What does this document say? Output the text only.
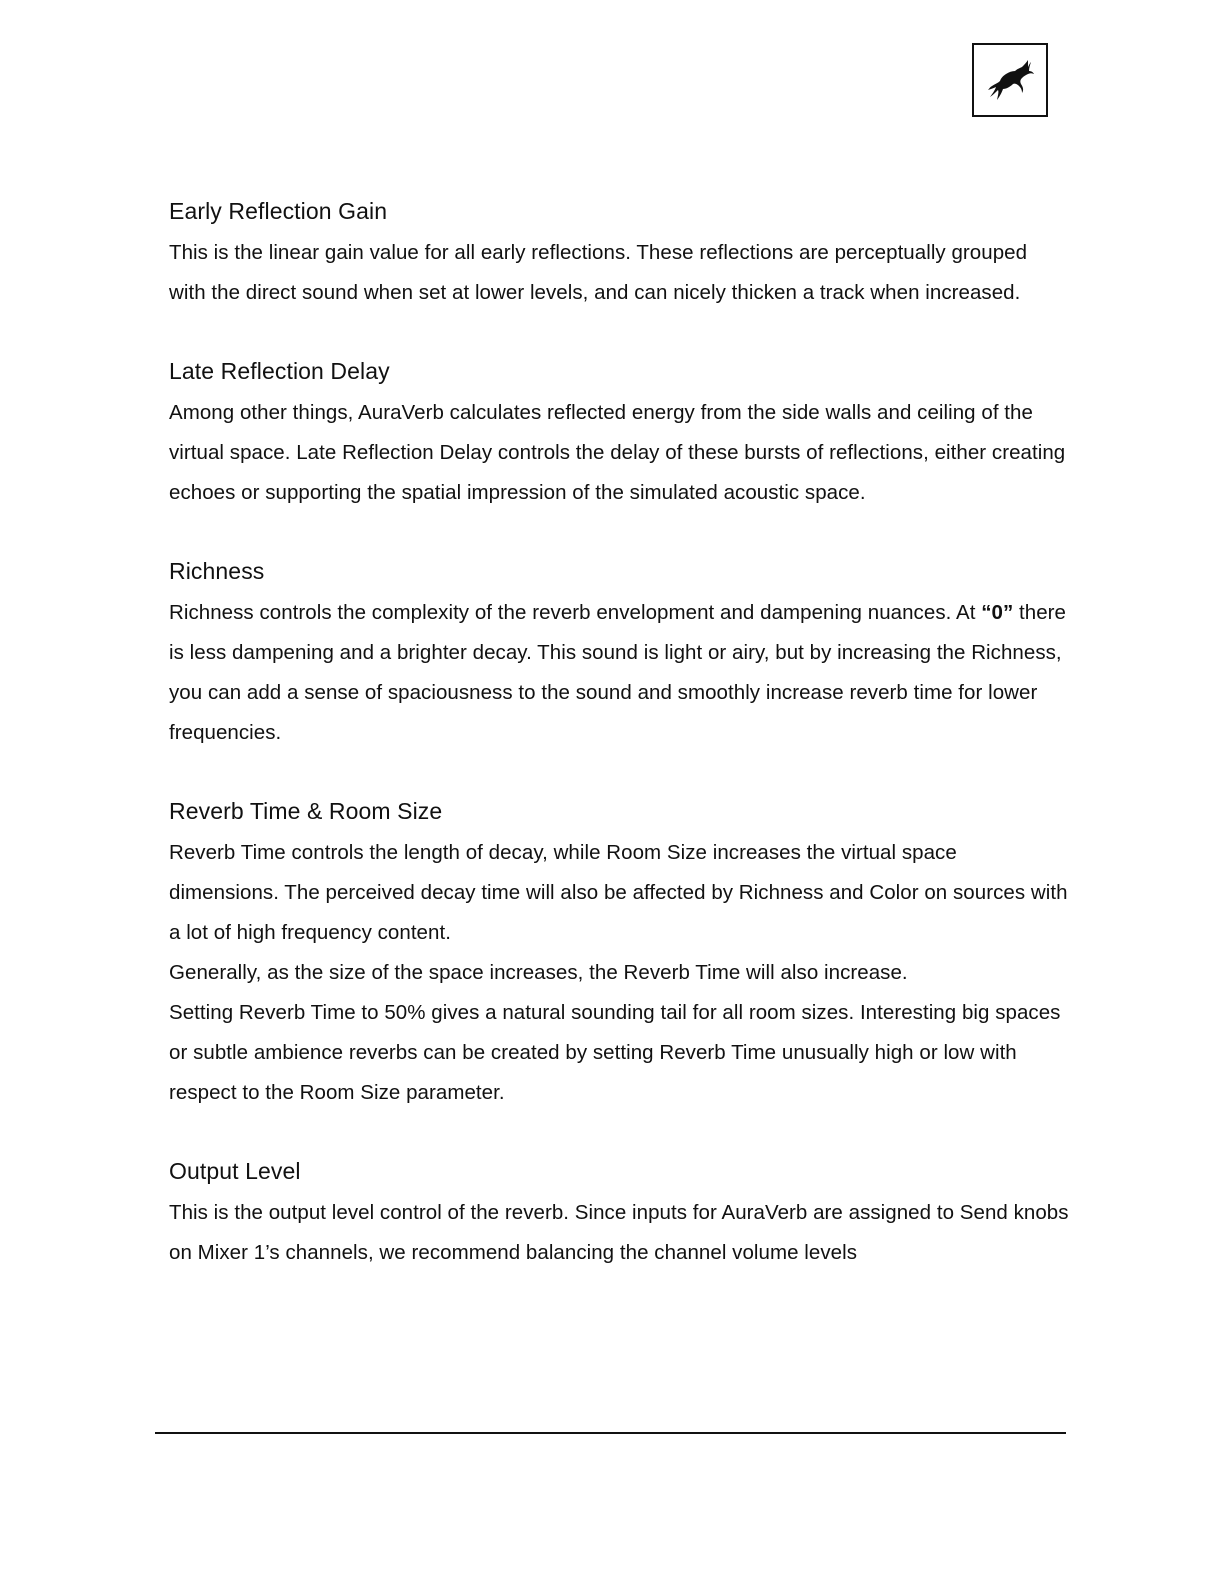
Early Reflection Gain

This is the linear gain value for all early reflections. These reflections are perceptually grouped with the direct sound when set at lower levels, and can nicely thicken a track when increased.

Late Reflection Delay

Among other things, AuraVerb calculates reflected energy from the side walls and ceiling of the virtual space. Late Reflection Delay controls the delay of these bursts of reflections, either creating echoes or supporting the spatial impression of the simulated acoustic space.

Richness

Richness controls the complexity of the reverb envelopment and dampening nuances. At “0” there is less dampening and a brighter decay. This sound is light or airy, but by increasing the Richness, you can add a sense of spaciousness to the sound and smoothly increase reverb time for lower frequencies.

Reverb Time & Room Size

Reverb Time controls the length of decay, while Room Size increases the virtual space dimensions. The perceived decay time will also be affected by Richness and Color on sources with a lot of high frequency content.

Generally, as the size of the space increases, the Reverb Time will also increase.

Setting Reverb Time to 50% gives a natural sounding tail for all room sizes. Interesting big spaces or subtle ambience reverbs can be created by setting Reverb Time unusually high or low with respect to the Room Size parameter.

Output Level

This is the output level control of the reverb. Since inputs for AuraVerb are assigned to Send knobs on Mixer 1’s channels, we recommend balancing the channel volume levels
